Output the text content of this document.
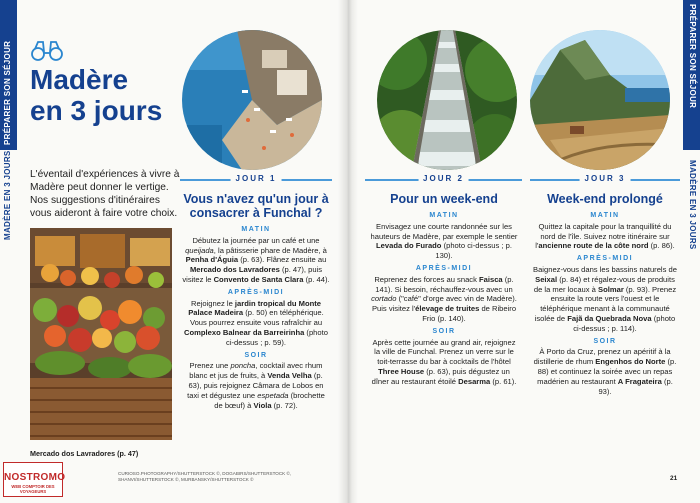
PRÉPARER SON SÉJOUR
MADÈRE EN 3 JOURS
PRÉPARER SON SÉJOUR
MADÈRE EN 3 JOURS
Madère
en 3 jours

L'éventail d'expériences à vivre à Madère peut donner le vertige. Nos suggestions d'itinéraires vous aideront à faire votre choix.

Mercado dos Lavradores (p. 47)
JOUR 1	JOUR 2	JOUR 3
Vous n'avez qu'un jour à consacrer à Funchal ?
MATIN

Débutez la journée par un café et une queijada, la pâtisserie phare de Madère, à Penha d'Águia (p. 63). Flânez ensuite au Mercado dos Lavradores (p. 47), puis visitez le Convento de Santa Clara (p. 44).

APRÈS-MIDI

Rejoignez le jardin tropical du Monte Palace Madeira (p. 50) en téléphérique. Vous pourrez ensuite vous rafraîchir au Complexo Balnear da Barreirinha (photo ci-dessus ; p. 59).

SOIR

Prenez une poncha, cocktail avec rhum blanc et jus de fruits, à Venda Velha (p. 63), puis rejoignez Câmara de Lobos en taxi et dégustez une espetada (brochette de bœuf) à Viola (p. 72).

Pour un week-end
MATIN

Envisagez une courte randonnée sur les hauteurs de Madère, par exemple le sentier Levada do Furado (photo ci-dessus ; p. 130).

APRÈS-MIDI

Reprenez des forces au snack Faisca (p. 141). Si besoin, réchauffez-vous avec un cortado ("café" d'orge avec vin de Madère). Puis visitez l'élevage de truites de Ribeiro Frio (p. 140).

SOIR

Après cette journée au grand air, rejoignez la ville de Funchal. Prenez un verre sur le toit-terrasse du bar à cocktails de l'hôtel Three House (p. 63), puis dégustez un dîner au restaurant étoilé Desarma (p. 61).

Week-end prolongé
MATIN

Quittez la capitale pour la tranquillité du nord de l'île. Suivez notre itinéraire sur l'ancienne route de la côte nord (p. 86).

APRÈS-MIDI

Baignez-vous dans les bassins naturels de Seixal (p. 84) et régalez-vous de produits de la mer locaux à Solmar (p. 93). Prenez ensuite la route vers l'ouest et le téléphérique menant à la communauté isolée de Fajã da Quebrada Nova (photo ci-dessus ; p. 114).

SOIR

À Porto da Cruz, prenez un apéritif à la distillerie de rhum Engenhos do Norte (p. 88) et continuez la soirée avec un repas madérien au restaurant A Fragateira (p. 93).

CURIOSO.PHOTOGRAPHY/SHUTTERSTOCK ©, DOGABIRS/SHUTTERSTOCK ©, SHANVI/SHUTTERSTOCK ©, MURBANSKY/SHUTTERSTOCK ©	21
NOSTROMO
WEB COMPTOIR DES VOYAGEURS
